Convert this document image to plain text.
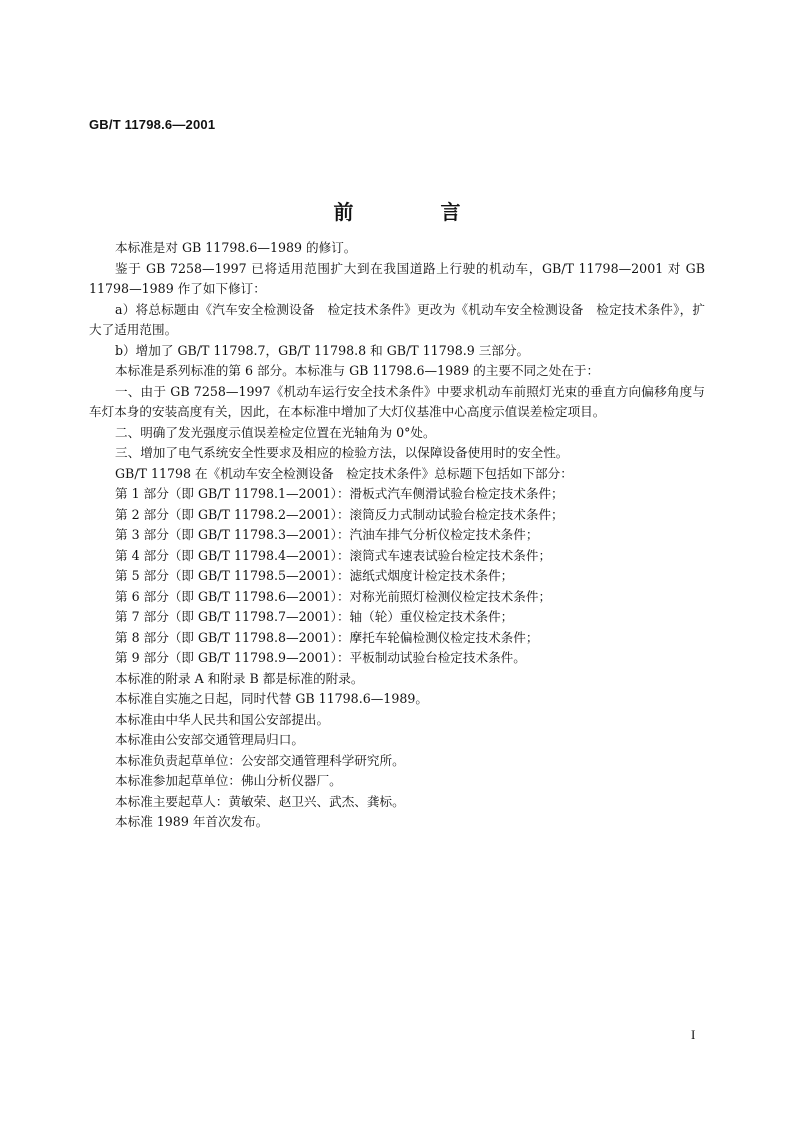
GB/T 11798.6—2001
前 言

本标准是对 GB 11798.6—1989 的修订。

鉴于 GB 7258—1997 已将适用范围扩大到在我国道路上行驶的机动车，GB/T 11798—2001 对 GB 11798—1989 作了如下修订：

a）将总标题由《汽车安全检测设备　检定技术条件》更改为《机动车安全检测设备　检定技术条件》，扩大了适用范围。

b）增加了 GB/T 11798.7，GB/T 11798.8 和 GB/T 11798.9 三部分。

本标准是系列标准的第 6 部分。本标准与 GB 11798.6—1989 的主要不同之处在于：

一、由于 GB 7258—1997《机动车运行安全技术条件》中要求机动车前照灯光束的垂直方向偏移角度与车灯本身的安装高度有关，因此，在本标准中增加了大灯仪基准中心高度示值误差检定项目。

二、明确了发光强度示值误差检定位置在光轴角为 0°处。

三、增加了电气系统安全性要求及相应的检验方法，以保障设备使用时的安全性。

GB/T 11798 在《机动车安全检测设备　检定技术条件》总标题下包括如下部分：

第 1 部分（即 GB/T 11798.1—2001）：滑板式汽车侧滑试验台检定技术条件；

第 2 部分（即 GB/T 11798.2—2001）：滚筒反力式制动试验台检定技术条件；

第 3 部分（即 GB/T 11798.3—2001）：汽油车排气分析仪检定技术条件；

第 4 部分（即 GB/T 11798.4—2001）：滚筒式车速表试验台检定技术条件；

第 5 部分（即 GB/T 11798.5—2001）：滤纸式烟度计检定技术条件；

第 6 部分（即 GB/T 11798.6—2001）：对称光前照灯检测仪检定技术条件；

第 7 部分（即 GB/T 11798.7—2001）：轴（轮）重仪检定技术条件；

第 8 部分（即 GB/T 11798.8—2001）：摩托车轮偏检测仪检定技术条件；

第 9 部分（即 GB/T 11798.9—2001）：平板制动试验台检定技术条件。

本标准的附录 A 和附录 B 都是标准的附录。

本标准自实施之日起，同时代替 GB 11798.6—1989。

本标准由中华人民共和国公安部提出。

本标准由公安部交通管理局归口。

本标准负责起草单位：公安部交通管理科学研究所。

本标准参加起草单位：佛山分析仪器厂。

本标准主要起草人：黄敏荣、赵卫兴、武杰、龚标。

本标准 1989 年首次发布。

I
